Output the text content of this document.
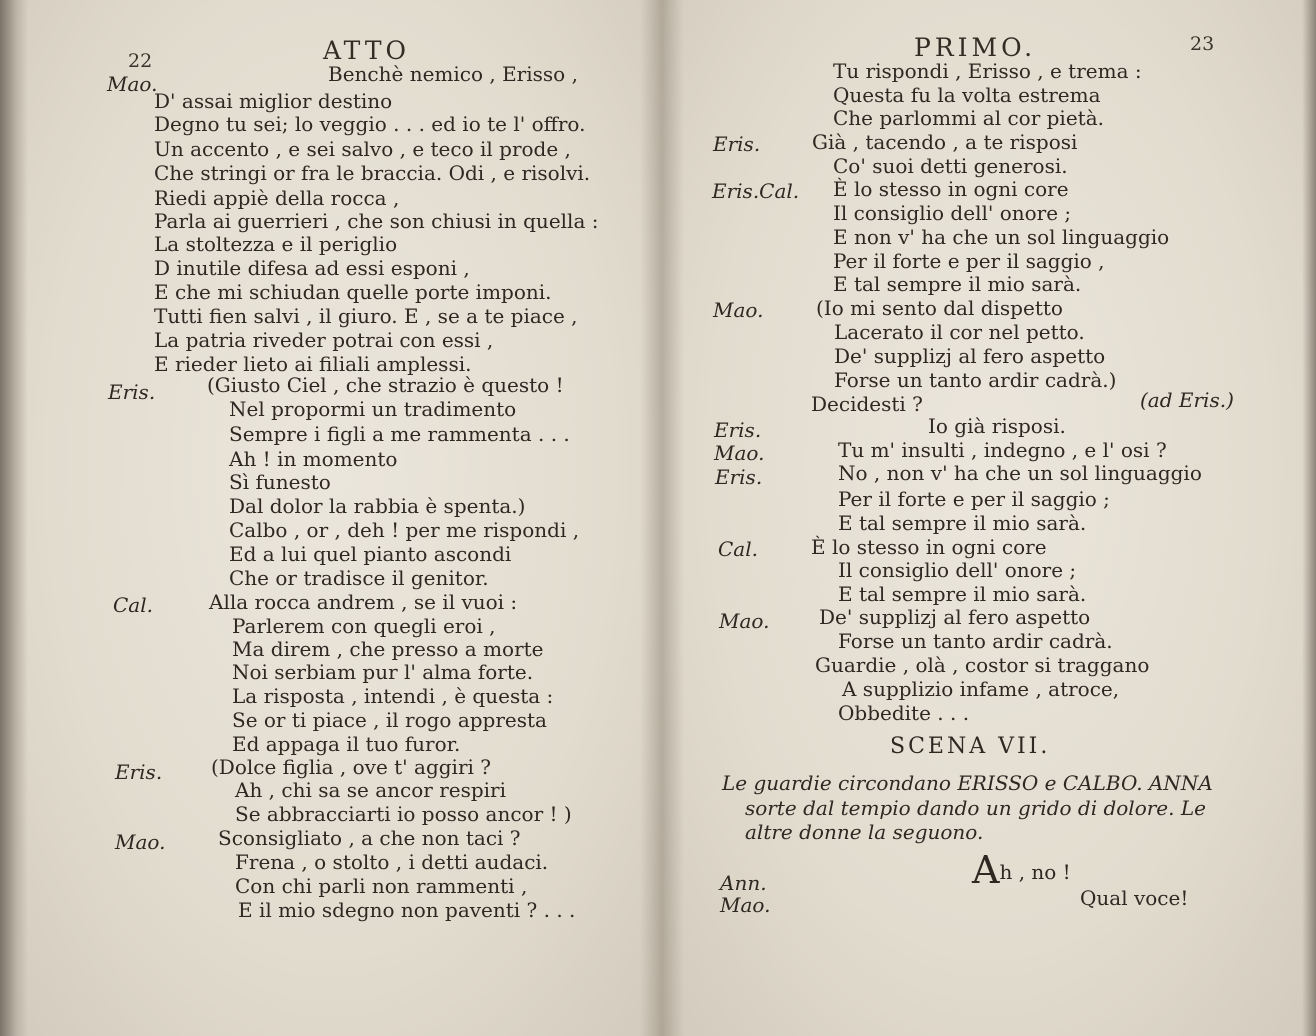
22	ATTO
Mao.	Benchè nemico , Erisso ,
D' assai miglior destino
Degno tu sei; lo veggio . . . ed io te l' offro.
Un accento , e sei salvo , e teco il prode ,
Che stringi or fra le braccia. Odi , e risolvi.
Riedi appiè della rocca ,
Parla ai guerrieri , che son chiusi in quella :
La stoltezza e il periglio
D inutile difesa ad essi esponi ,
E che mi schiudan quelle porte imponi.
Tutti fien salvi , il giuro. E , se a te piace ,
La patria riveder potrai con essi ,
E rieder lieto ai filiali amplessi.
Eris.	(Giusto Ciel , che strazio è questo !
Nel propormi un tradimento
Sempre i figli a me rammenta . . .
Ah ! in momento
Sì funesto
Dal dolor la rabbia è spenta.)
Calbo , or , deh ! per me rispondi ,
Ed a lui quel pianto ascondi
Che or tradisce il genitor.
Cal.	Alla rocca andrem , se il vuoi :
Parlerem con quegli eroi ,
Ma direm , che presso a morte
Noi serbiam pur l' alma forte.
La risposta , intendi , è questa :
Se or ti piace , il rogo appresta
Ed appaga il tuo furor.
Eris. (Dolce figlia , ove t' aggiri ?
Ah , chi sa se ancor respiri
Se abbracciarti io posso ancor ! )
Mao.	Sconsigliato , a che non taci ?
Frena , o stolto , i detti audaci.
Con chi parli non rammenti ,
E il mio sdegno non paventi ? . . .
PRIMO.	23
Tu rispondi , Erisso , e trema :
Questa fu la volta estrema
Che parlommi al cor pietà.
Eris.	Già , tacendo , a te risposi
Co' suoi detti generosi.
Eris.Cal. È lo stesso in ogni core
Il consiglio dell' onore ;
E non v' ha che un sol linguaggio
Per il forte e per il saggio ,
E tal sempre il mio sarà.
Mao.	(Io mi sento dal dispetto
Lacerato il cor nel petto.
De' supplizj al fero aspetto
Forse un tanto ardir cadrà.)
Decidesti ?	(ad Eris.)
Eris.	Io già risposi.
Mao.	Tu m' insulti , indegno , e l' osi ?
Eris.	No , non v' ha che un sol linguaggio
Per il forte e per il saggio ;
E tal sempre il mio sarà.
Cal.	È lo stesso in ogni core
Il consiglio dell' onore ;
E tal sempre il mio sarà.
Mao. De' supplizj al fero aspetto
Forse un tanto ardir cadrà.
Guardie , olà , costor si traggano
A supplizio infame , atroce,
Obbedite . . .
SCENA VII.
Le guardie circondano ERISSO e CALBO. ANNA
sorte dal tempio dando un grido di dolore. Le
altre donne la seguono.
Ann.	Ah , no !
Mao.	Qual voce!
